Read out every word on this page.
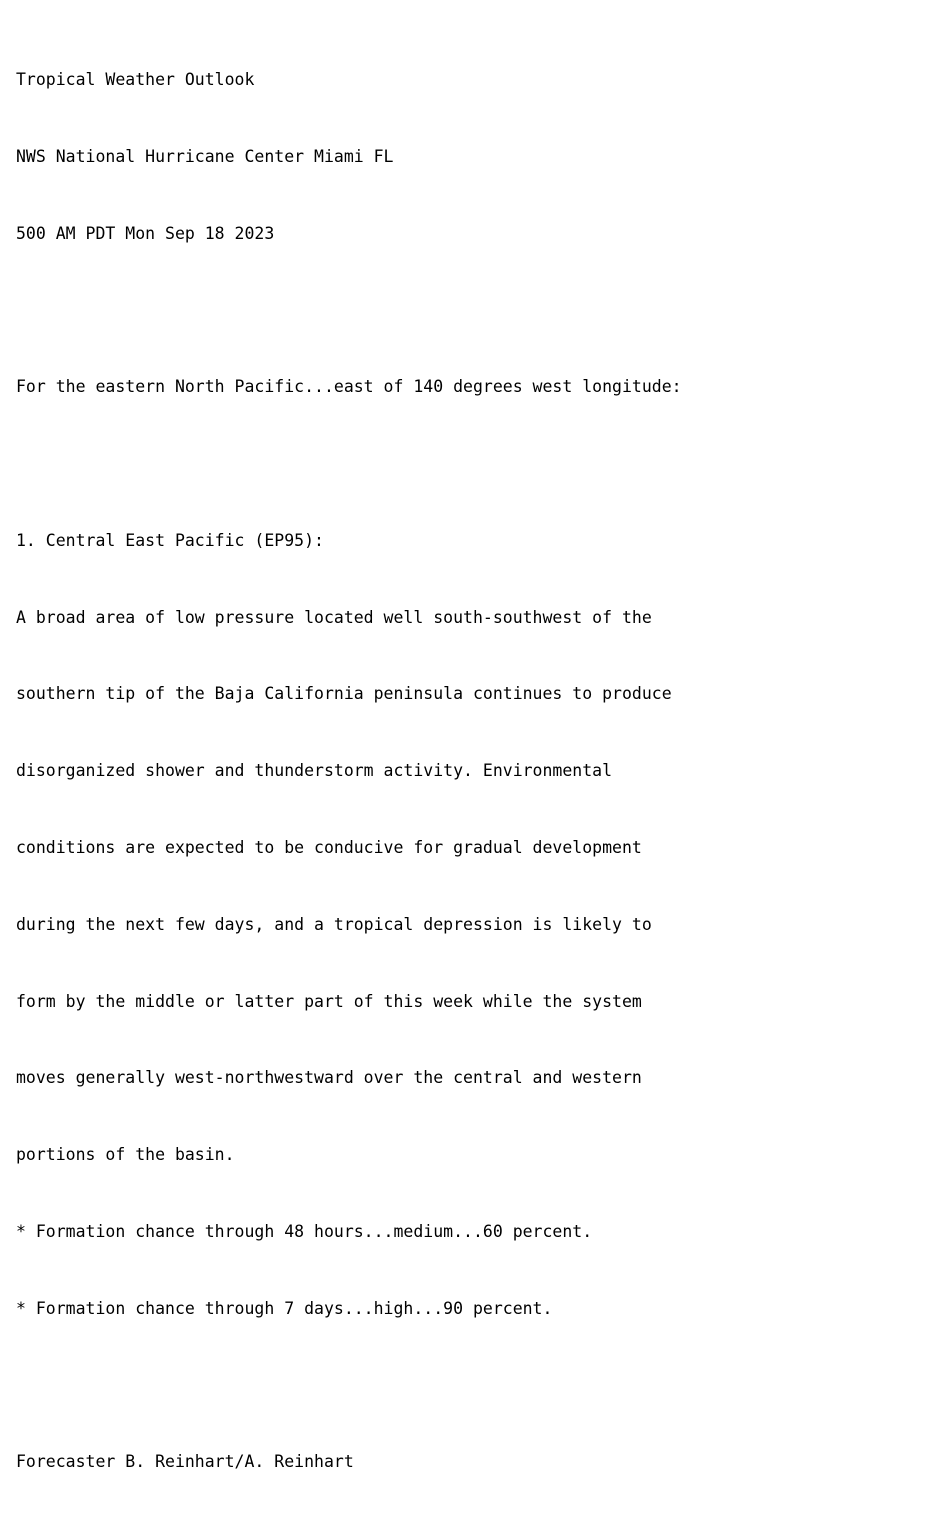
Tropical Weather Outlook

NWS National Hurricane Center Miami FL

500 AM PDT Mon Sep 18 2023

For the eastern North Pacific...east of 140 degrees west longitude:

1. Central East Pacific (EP95):

A broad area of low pressure located well south-southwest of the

southern tip of the Baja California peninsula continues to produce

disorganized shower and thunderstorm activity. Environmental

conditions are expected to be conducive for gradual development

during the next few days, and a tropical depression is likely to

form by the middle or latter part of this week while the system

moves generally west-northwestward over the central and western

portions of the basin.

* Formation chance through 48 hours...medium...60 percent.

* Formation chance through 7 days...high...90 percent.

Forecaster B. Reinhart/A. Reinhart
